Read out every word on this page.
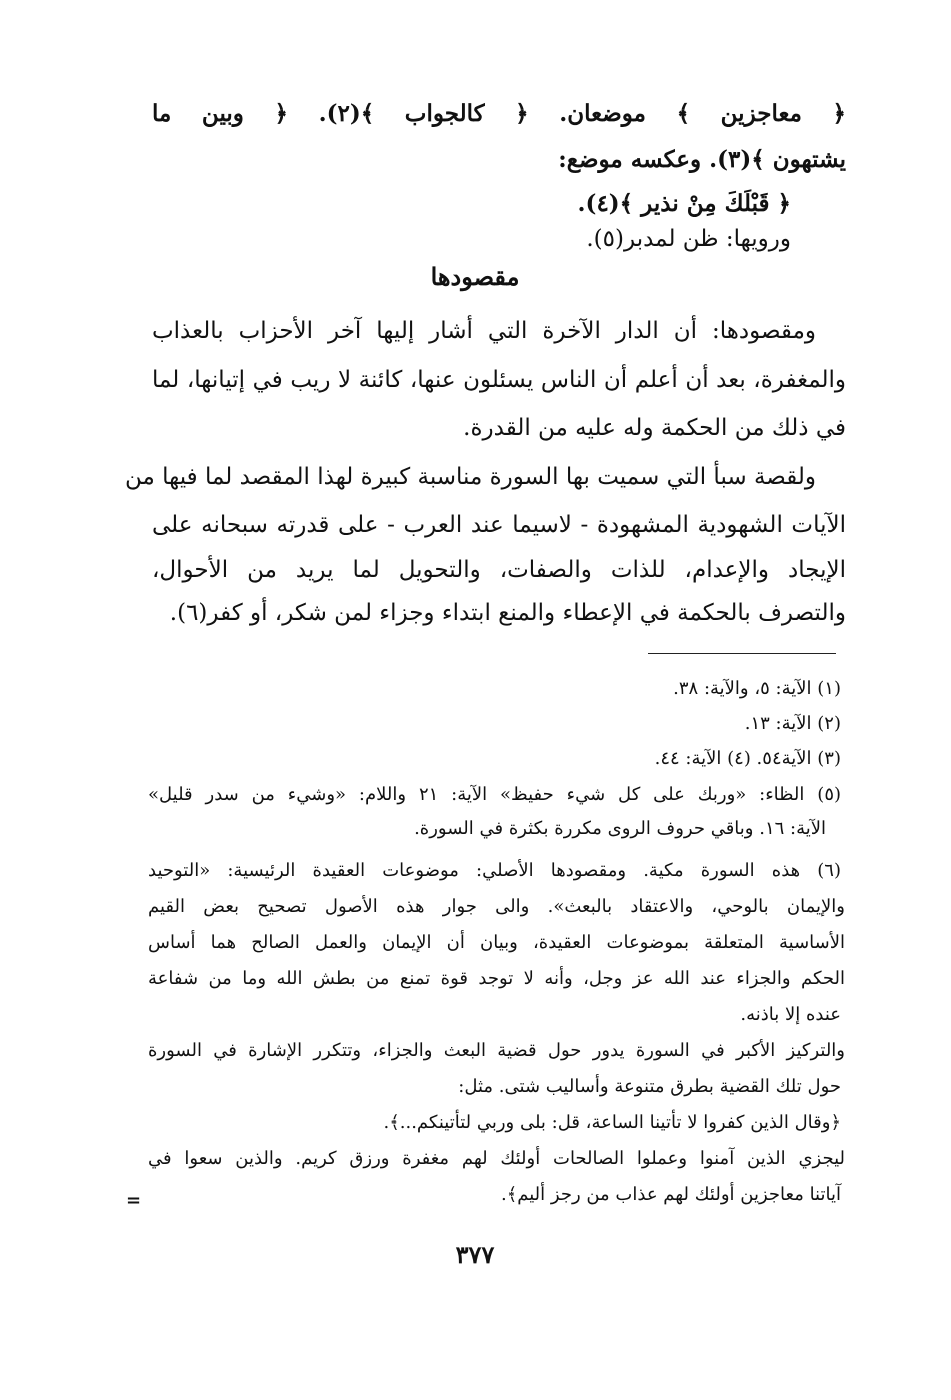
﴿ معاجزين ﴾ موضعان. ﴿ كالجواب ﴾(٢). ﴿ وبين ما
يشتهون ﴾(٣). وعكسه موضع:
﴿ قَبْلَكَ مِنْ نذير ﴾(٤).
ورويها: ظن لمدبر(٥).
مقصودها
ومقصودها: أن الدار الآخرة التي أشار إليها آخر الأحزاب بالعذاب
والمغفرة، بعد أن أعلم أن الناس يسئلون عنها، كائنة لا ريب في إتيانها، لما
في ذلك من الحكمة وله عليه من القدرة.
ولقصة سبأ التي سميت بها السورة مناسبة كبيرة لهذا المقصد لما فيها من
الآيات الشهودية المشهودة - لاسيما عند العرب - على قدرته سبحانه على
الإيجاد والإعدام، للذات والصفات، والتحويل لما يريد من الأحوال،
والتصرف بالحكمة في الإعطاء والمنع ابتداء وجزاء لمن شكر، أو كفر(٦).
(١) الآية: ٥، والآية: ٣٨.
(٢) الآية: ١٣.
(٣) الآية٥٤. (٤) الآية: ٤٤.
(٥) الظاء: «وربك على كل شيء حفيظ» الآية: ٢١ واللام: «وشيء من سدر قليل»
الآية: ١٦. وباقي حروف الروى مكررة بكثرة في السورة.
(٦) هذه السورة مكية. ومقصودها الأصلي: موضوعات العقيدة الرئيسية: «التوحيد
والإيمان بالوحي، والاعتقاد بالبعث». والى جوار هذه الأصول تصحيح بعض القيم
الأساسية المتعلقة بموضوعات العقيدة، وبيان أن الإيمان والعمل الصالح هما أساس
الحكم والجزاء عند الله عز وجل، وأنه لا توجد قوة تمنع من بطش الله وما من شفاعة
عنده إلا باذنه.
والتركيز الأكبر في السورة يدور حول قضية البعث والجزاء، وتتكرر الإشارة في السورة
حول تلك القضية بطرق متنوعة وأساليب شتى. مثل:
﴿وقال الذين كفروا لا تأتينا الساعة، قل: بلى وربي لتأتينكم...﴾.
ليجزي الذين آمنوا وعملوا الصالحات أولئك لهم مغفرة ورزق كريم. والذين سعوا في
آياتنا معاجزين أولئك لهم عذاب من رجز أليم﴾.
=
٣٧٧
